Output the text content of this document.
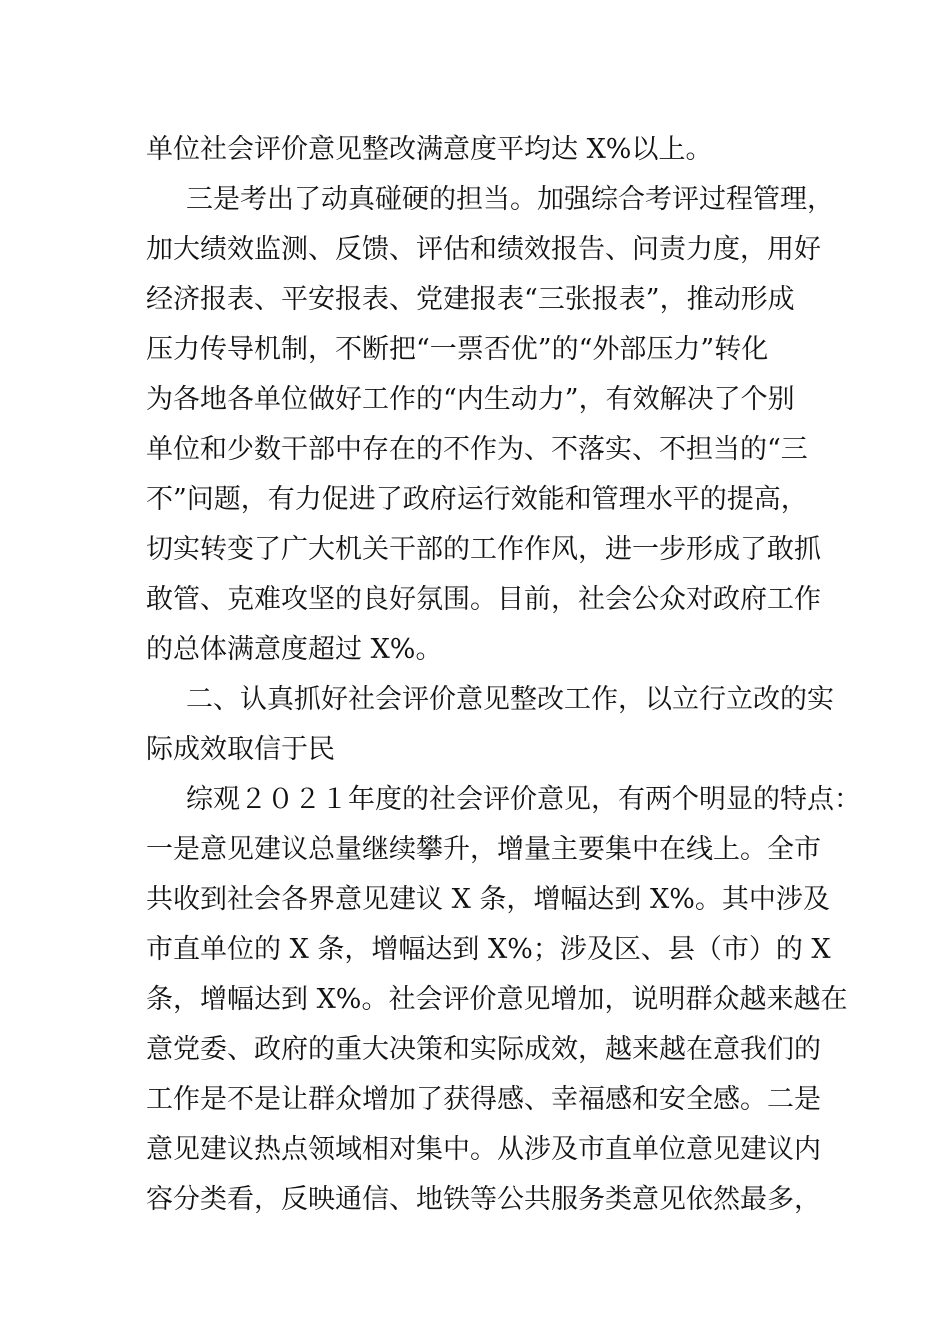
单位社会评价意见整改满意度平均达 X%以上。
三是考出了动真碰硬的担当。加强综合考评过程管理，
加大绩效监测、反馈、评估和绩效报告、问责力度，用好
经济报表、平安报表、党建报表“三张报表”，推动形成
压力传导机制，不断把“一票否优”的“外部压力”转化
为各地各单位做好工作的“内生动力”，有效解决了个别
单位和少数干部中存在的不作为、不落实、不担当的“三
不”问题，有力促进了政府运行效能和管理水平的提高，
切实转变了广大机关干部的工作作风，进一步形成了敢抓
敢管、克难攻坚的良好氛围。目前，社会公众对政府工作
的总体满意度超过 X%。
二、认真抓好社会评价意见整改工作，以立行立改的实
际成效取信于民
综观２０２１年度的社会评价意见，有两个明显的特点：
一是意见建议总量继续攀升，增量主要集中在线上。全市
共收到社会各界意见建议 X 条，增幅达到 X%。其中涉及
市直单位的 X 条，增幅达到 X%；涉及区、县（市）的 X
条，增幅达到 X%。社会评价意见增加，说明群众越来越在
意党委、政府的重大决策和实际成效，越来越在意我们的
工作是不是让群众增加了获得感、幸福感和安全感。二是
意见建议热点领域相对集中。从涉及市直单位意见建议内
容分类看，反映通信、地铁等公共服务类意见依然最多，
